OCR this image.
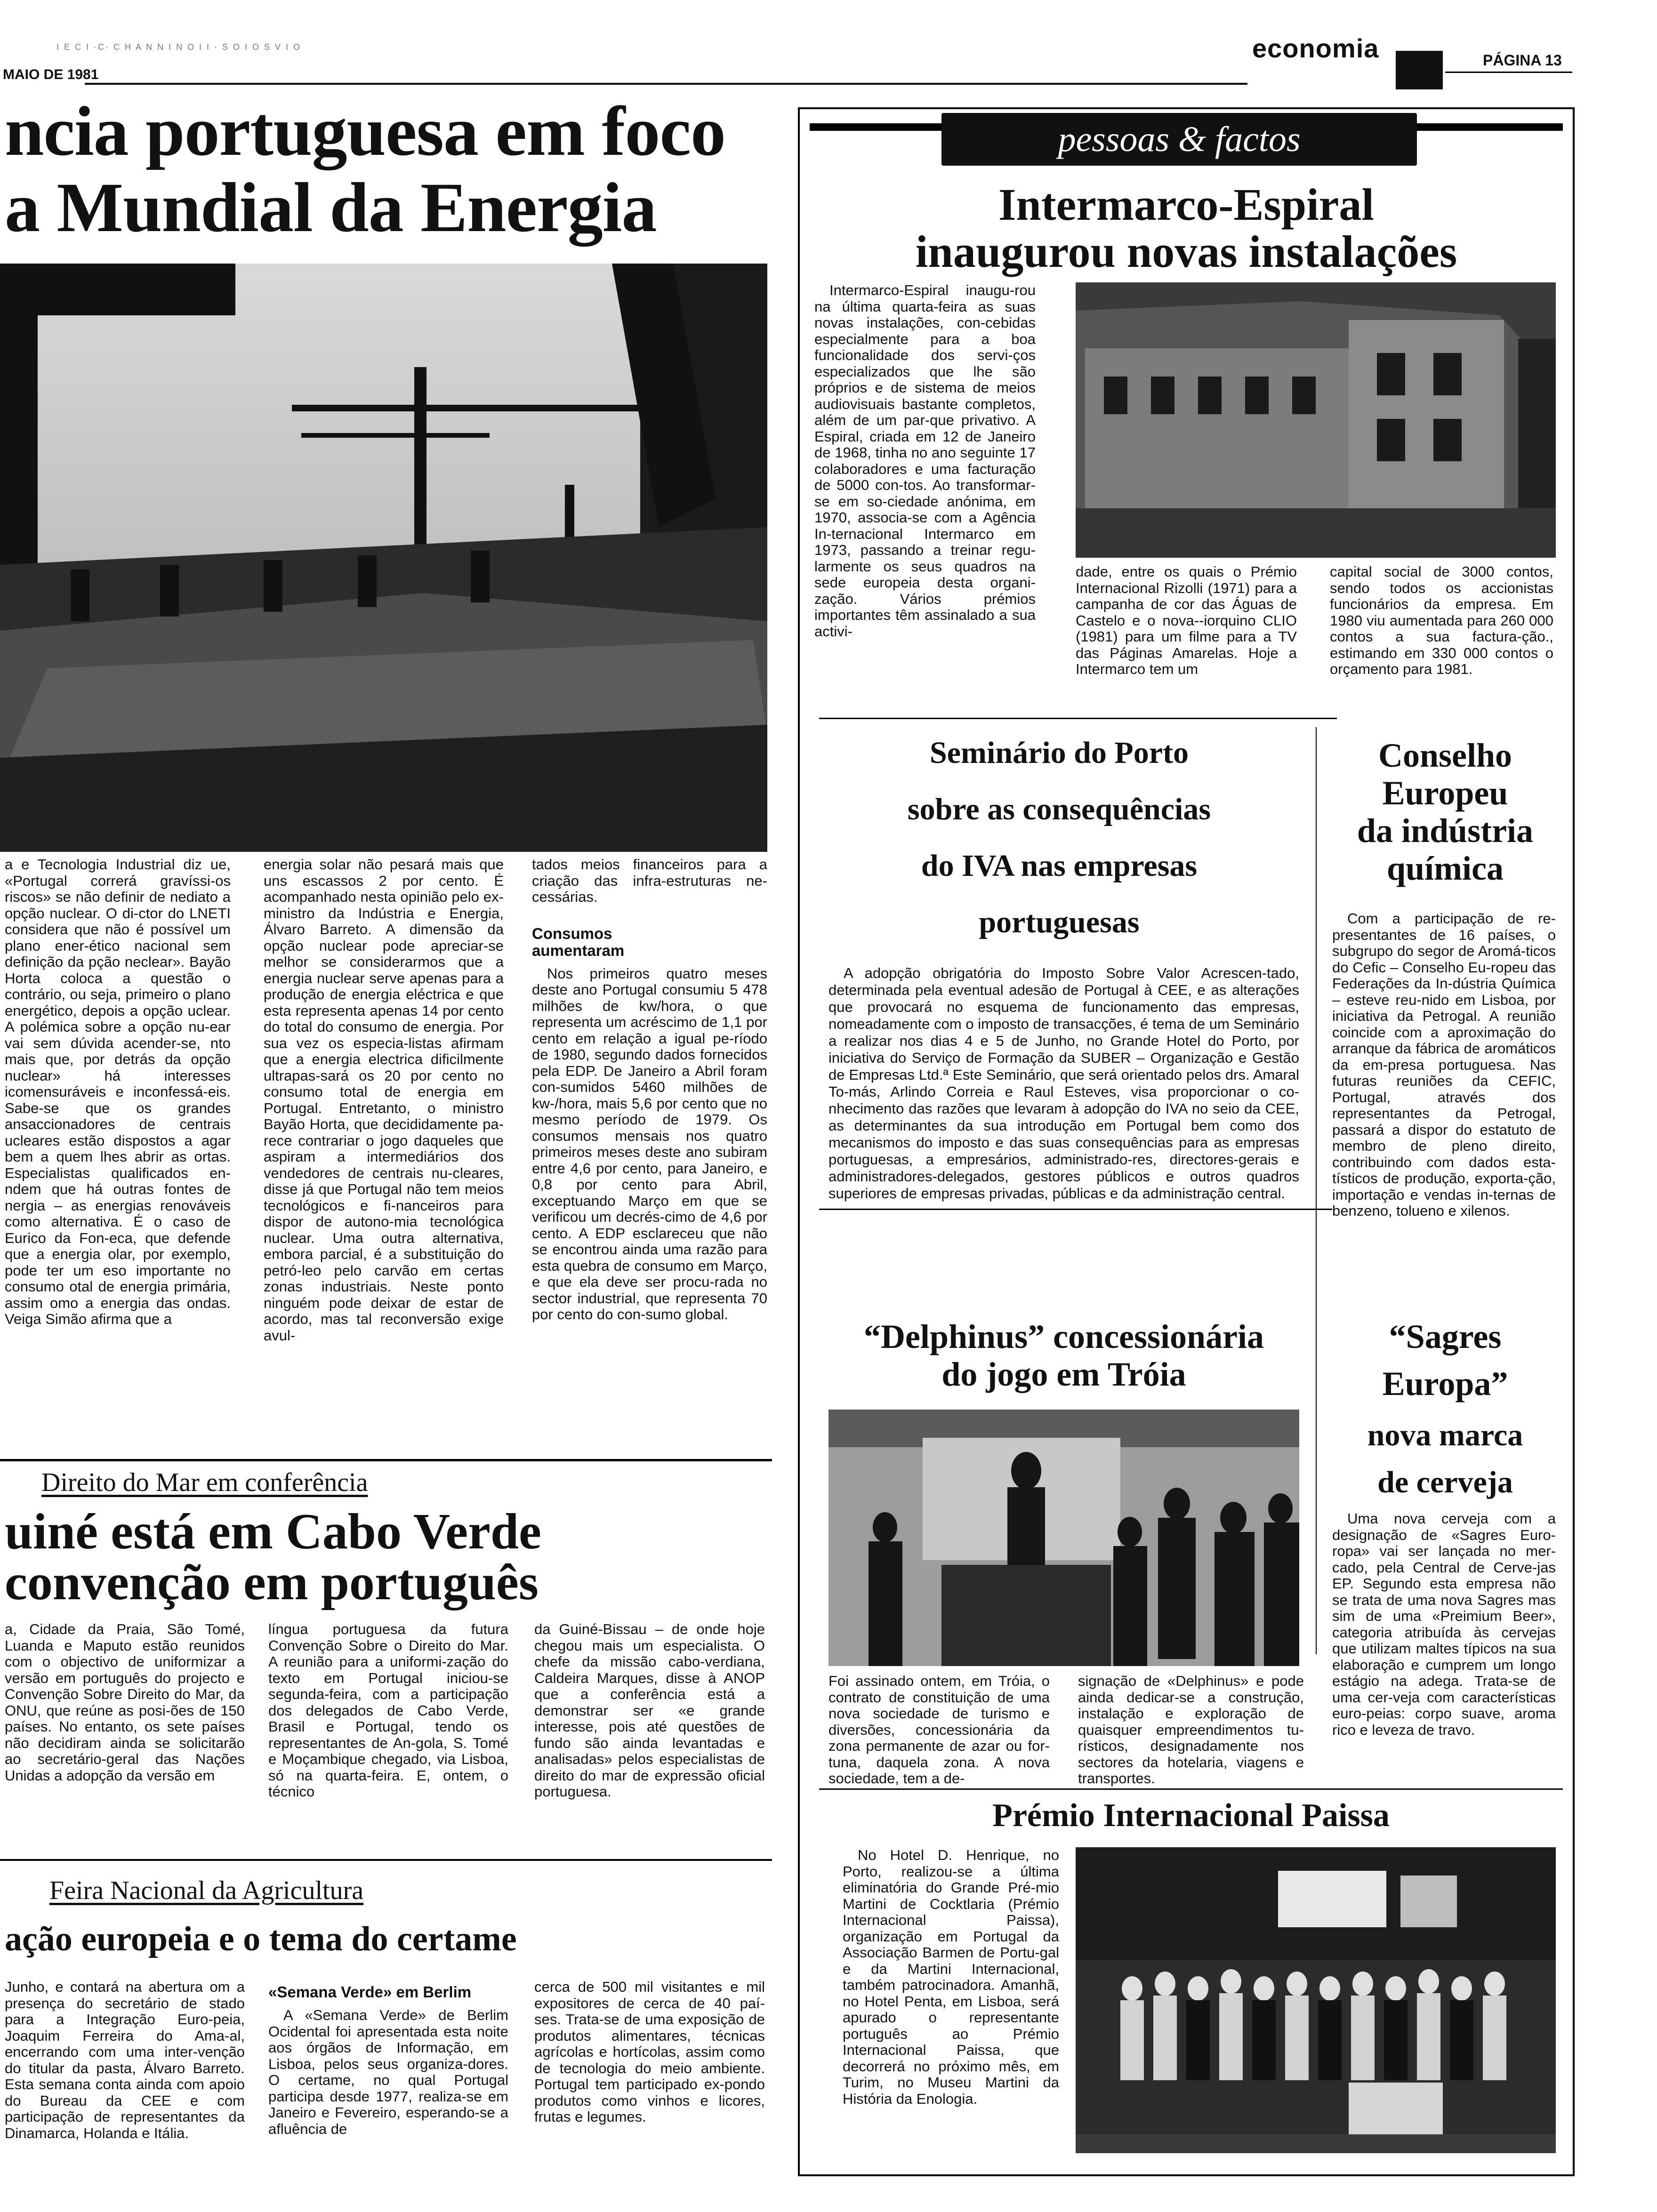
I E C I ·C· C H A N N I N O I I · S O I O S V I O
MAIO DE 1981
economia	PÁGINA 13
ncia portuguesa em foco
a Mundial da Energia

a e Tecnologia Industrial diz ue, «Portugal correrá gravíssi-os riscos» se não definir de nediato a opção nuclear. O di-ctor do LNETI considera que não é possível um plano ener-ético nacional sem definição da pção neclear». Bayão Horta coloca a questão o contrário, ou seja, primeiro o plano energético, depois a opção uclear. A polémica sobre a opção nu-ear vai sem dúvida acender-se, nto mais que, por detrás da opção nuclear» há interesses icomensuráveis e inconfessá-eis. Sabe-se que os grandes ansaccionadores de centrais ucleares estão dispostos a agar bem a quem lhes abrir as ortas. Especialistas qualificados en-ndem que há outras fontes de nergia – as energias renováveis como alternativa. É o caso de Eurico da Fon-eca, que defende que a energia olar, por exemplo, pode ter um eso importante no consumo otal de energia primária, assim omo a energia das ondas. Veiga Simão afirma que a

energia solar não pesará mais que uns escassos 2 por cento. É acompanhado nesta opinião pelo ex-ministro da Indústria e Energia, Álvaro Barreto. A dimensão da opção nuclear pode apreciar-se melhor se considerarmos que a energia nuclear serve apenas para a produção de energia eléctrica e que esta representa apenas 14 por cento do total do consumo de energia. Por sua vez os especia-listas afirmam que a energia electrica dificilmente ultrapas-sará os 20 por cento no consumo total de energia em Portugal. Entretanto, o ministro Bayão Horta, que decididamente pa-rece contrariar o jogo daqueles que aspiram a intermediários dos vendedores de centrais nu-cleares, disse já que Portugal não tem meios tecnológicos e fi-nanceiros para dispor de autono-mia tecnológica nuclear. Uma outra alternativa, embora parcial, é a substituição do petró-leo pelo carvão em certas zonas industriais. Neste ponto ninguém pode deixar de estar de acordo, mas tal reconversão exige avul-

tados meios financeiros para a criação das infra-estruturas ne-cessárias.

Consumos aumentaram

Nos primeiros quatro meses deste ano Portugal consumiu 5 478 milhões de kw/hora, o que representa um acréscimo de 1,1 por cento em relação a igual pe-ríodo de 1980, segundo dados fornecidos pela EDP. De Janeiro a Abril foram con-sumidos 5460 milhões de kw-/hora, mais 5,6 por cento que no mesmo período de 1979. Os consumos mensais nos quatro primeiros meses deste ano subiram entre 4,6 por cento, para Janeiro, e 0,8 por cento para Abril, exceptuando Março em que se verificou um decrés-cimo de 4,6 por cento. A EDP esclareceu que não se encontrou ainda uma razão para esta quebra de consumo em Março, e que ela deve ser procu-rada no sector industrial, que representa 70 por cento do con-sumo global.

Direito do Mar em conferência
uiné está em Cabo Verde
convenção em português

a, Cidade da Praia, São Tomé, Luanda e Maputo estão reunidos com o objectivo de uniformizar a versão em português do projecto e Convenção Sobre Direito do Mar, da ONU, que reúne as posi-ões de 150 países. No entanto, os sete países não decidiram ainda se solicitarão ao secretário-geral das Nações Unidas a adopção da versão em

língua portuguesa da futura Convenção Sobre o Direito do Mar. A reunião para a uniformi-zação do texto em Portugal iniciou-se segunda-feira, com a participação dos delegados de Cabo Verde, Brasil e Portugal, tendo os representantes de An-gola, S. Tomé e Moçambique chegado, via Lisboa, só na quarta-feira. E, ontem, o técnico

da Guiné-Bissau – de onde hoje chegou mais um especialista. O chefe da missão cabo-verdiana, Caldeira Marques, disse à ANOP que a conferência está a demonstrar ser «e grande interesse, pois até questões de fundo são ainda levantadas e analisadas» pelos especialistas de direito do mar de expressão oficial portuguesa.

Feira Nacional da Agricultura
ação europeia e o tema do certame

Junho, e contará na abertura om a presença do secretário de stado para a Integração Euro-peia, Joaquim Ferreira do Ama-al, encerrando com uma inter-venção do titular da pasta, Álvaro Barreto. Esta semana conta ainda com apoio do Bureau da CEE e com participação de representantes da Dinamarca, Holanda e Itália.

«Semana Verde» em Berlim

A «Semana Verde» de Berlim Ocidental foi apresentada esta noite aos órgãos de Informação, em Lisboa, pelos seus organiza-dores. O certame, no qual Portugal participa desde 1977, realiza-se em Janeiro e Fevereiro, esperando-se a afluência de

cerca de 500 mil visitantes e mil expositores de cerca de 40 paí-ses. Trata-se de uma exposição de produtos alimentares, técnicas agrícolas e hortícolas, assim como de tecnologia do meio ambiente. Portugal tem participado ex-pondo produtos como vinhos e licores, frutas e legumes.

pessoas & factos
Intermarco-Espiral
inaugurou novas instalações

Intermarco-Espiral inaugu-rou na última quarta-feira as suas novas instalações, con-cebidas especialmente para a boa funcionalidade dos servi-ços especializados que lhe são próprios e de sistema de meios audiovisuais bastante completos, além de um par-que privativo. A Espiral, criada em 12 de Janeiro de 1968, tinha no ano seguinte 17 colaboradores e uma facturação de 5000 con-tos. Ao transformar-se em so-ciedade anónima, em 1970, associa-se com a Agência In-ternacional Intermarco em 1973, passando a treinar regu-larmente os seus quadros na sede europeia desta organi-zação. Vários prémios importantes têm assinalado a sua activi-

dade, entre os quais o Prémio Internacional Rizolli (1971) para a campanha de cor das Águas de Castelo e o nova--iorquino CLIO (1981) para um filme para a TV das Páginas Amarelas. Hoje a Intermarco tem um

capital social de 3000 contos, sendo todos os accionistas funcionários da empresa. Em 1980 viu aumentada para 260 000 contos a sua factura-ção., estimando em 330 000 contos o orçamento para 1981.

Seminário do Porto
sobre as consequências
do IVA nas empresas
portuguesas

A adopção obrigatória do Imposto Sobre Valor Acrescen-tado, determinada pela eventual adesão de Portugal à CEE, e as alterações que provocará no esquema de funcionamento das empresas, nomeadamente com o imposto de transacções, é tema de um Seminário a realizar nos dias 4 e 5 de Junho, no Grande Hotel do Porto, por iniciativa do Serviço de Formação da SUBER – Organização e Gestão de Empresas Ltd.ª Este Seminário, que será orientado pelos drs. Amaral To-más, Arlindo Correia e Raul Esteves, visa proporcionar o co-nhecimento das razões que levaram à adopção do IVA no seio da CEE, as determinantes da sua introdução em Portugal bem como dos mecanismos do imposto e das suas consequências para as empresas portuguesas, a empresários, administrado-res, directores-gerais e administradores-delegados, gestores públicos e outros quadros superiores de empresas privadas, públicas e da administração central.

Conselho
Europeu
da indústria
química

Com a participação de re-presentantes de 16 países, o subgrupo do segor de Aromá-ticos do Cefic – Conselho Eu-ropeu das Federações da In-dústria Química – esteve reu-nido em Lisboa, por iniciativa da Petrogal. A reunião coincide com a aproximação do arranque da fábrica de aromáticos da em-presa portuguesa. Nas futuras reuniões da CEFIC, Portugal, através dos representantes da Petrogal, passará a dispor do estatuto de membro de pleno direito, contribuindo com dados esta-tísticos de produção, exporta-ção, importação e vendas in-ternas de benzeno, tolueno e xilenos.

“Delphinus” concessionária
do jogo em Tróia

Foi assinado ontem, em Tróia, o contrato de constituição de uma nova sociedade de turismo e diversões, concessionária da zona permanente de azar ou for-tuna, daquela zona. A nova sociedade, tem a de-

signação de «Delphinus» e pode ainda dedicar-se a construção, instalação e exploração de quaisquer empreendimentos tu-rísticos, designadamente nos sectores da hotelaria, viagens e transportes.

“Sagres
Europa”
nova marca
de cerveja

Uma nova cerveja com a designação de «Sagres Euro-ropa» vai ser lançada no mer-cado, pela Central de Cerve-jas EP. Segundo esta empresa não se trata de uma nova Sagres mas sim de uma «Preimium Beer», categoria atribuída às cervejas que utilizam maltes típicos na sua elaboração e cumprem um longo estágio na adega. Trata-se de uma cer-veja com características euro-peias: corpo suave, aroma rico e leveza de travo.

Prémio Internacional Paissa

No Hotel D. Henrique, no Porto, realizou-se a última eliminatória do Grande Pré-mio Martini de Cocktlaria (Prémio Internacional Paissa), organização em Portugal da Associação Barmen de Portu-gal e da Martini Internacional, também patrocinadora. Amanhã, no Hotel Penta, em Lisboa, será apurado o representante português ao Prémio Internacional Paissa, que decorrerá no próximo mês, em Turim, no Museu Martini da História da Enologia.
